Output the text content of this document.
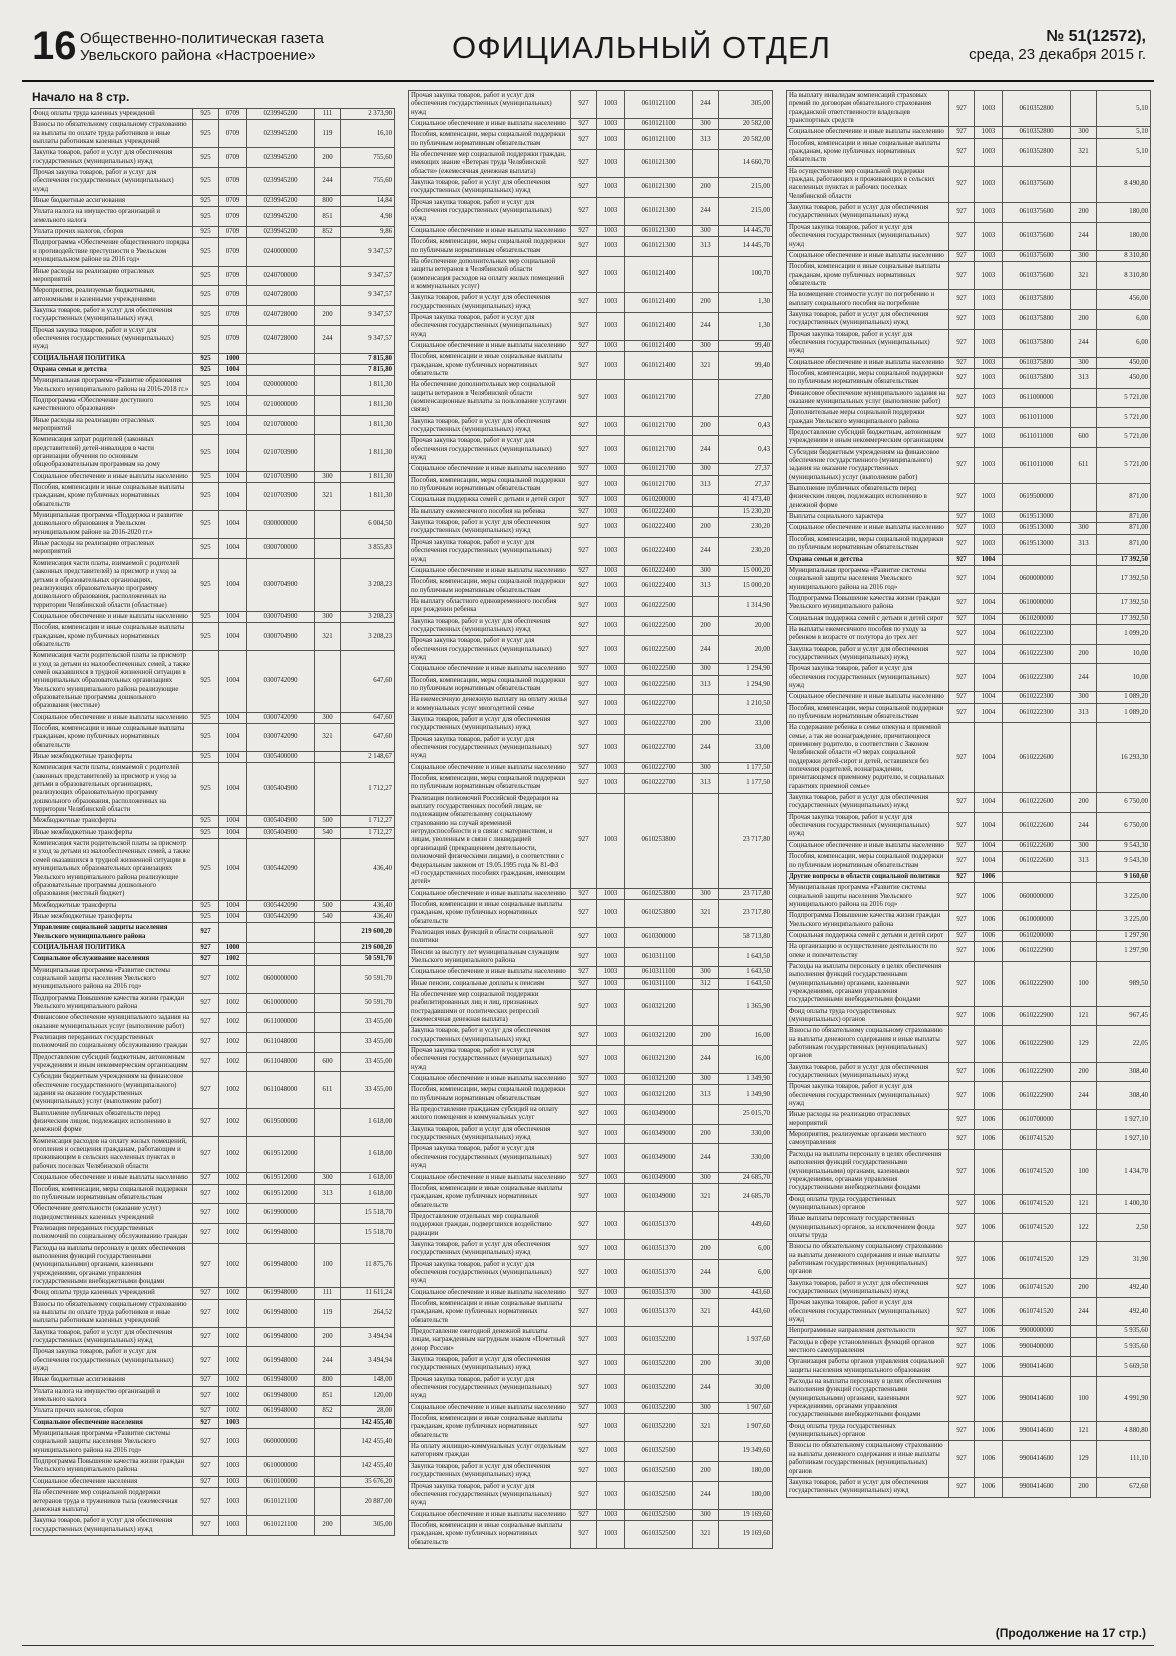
16 Общественно-политическая газета
Увельского района «Настроение»	ОФИЦИАЛЬНЫЙ ОТДЕЛ	№ 51(12572),
среда, 23 декабря 2015 г.
Начало на 8 стр.
Фонд оплаты труда казенных учреждений	925	0709	0239945200	111	2 373,90
Взносы по обязательному социальному страхованию на выплаты по оплате труда работников и иные выплаты работникам казенных учреждений	925	0709	0239945200	119	16,10
Закупка товаров, работ и услуг для обеспечения государственных (муниципальных) нужд	925	0709	0239945200	200	755,60
Прочая закупка товаров, работ и услуг для обеспечения государственных (муниципальных) нужд	925	0709	0239945200	244	755,60
Иные бюджетные ассигнования	925	0709	0239945200	800	14,84
Уплата налога на имущество организаций и земельного налога	925	0709	0239945200	851	4,98
Уплата прочих налогов, сборов	925	0709	0239945200	852	9,86
Подпрограмма «Обеспечение общественного порядка и противодействие преступности в Увельском муниципальном районе на 2016 год»	925	0709	0240000000		9 347,57
Иные расходы на реализацию отраслевых мероприятий	925	0709	0240700000		9 347,57
Мероприятия, реализуемые бюджетными, автономными и казенными учреждениями	925	0709	0240728000		9 347,57
Закупка товаров, работ и услуг для обеспечения государственных (муниципальных) нужд	925	0709	0240728000	200	9 347,57
Прочая закупка товаров, работ и услуг для обеспечения государственных (муниципальных) нужд	925	0709	0240728000	244	9 347,57
СОЦИАЛЬНАЯ ПОЛИТИКА	925	1000			7 815,80
Охрана семьи и детства	925	1004			7 815,80
Муниципальная программа «Развитие образования Увельского муниципального района на 2016-2018 гг.»	925	1004	0200000000		1 811,30
Подпрограмма «Обеспечение доступного качественного образования»	925	1004	0210000000		1 811,30
Иные расходы на реализацию отраслевых мероприятий	925	1004	0210700000		1 811,30
Компенсация затрат родителей (законных представителей) детей-инвалидов в части организации обучения по основным общеобразовательным программам на дому	925	1004	0210703900		1 811,30
Социальное обеспечение и иные выплаты населению	925	1004	0210703900	300	1 811,30
Пособия, компенсации и иные социальные выплаты гражданам, кроме публичных нормативных обязательств	925	1004	0210703900	321	1 811,30
Муниципальная программа «Поддержка и развитие дошкольного образования в Увельском муниципальном районе на 2016-2020 гг.»	925	1004	0300000000		6 004,50
Иные расходы на реализацию отраслевых мероприятий	925	1004	0300700000		3 855,83
Компенсация части платы, взимаемой с родителей (законных представителей) за присмотр и уход за детьми в образовательных организациях, реализующих образовательную программу дошкольного образования, расположенных на территории Челябинской области (областные)	925	1004	0300704900		3 208,23
Социальное обеспечение и иные выплаты населению	925	1004	0300704900	300	3 208,23
Пособия, компенсации и иные социальные выплаты гражданам, кроме публичных нормативных обязательств	925	1004	0300704900	321	3 208,23
Компенсация части родительской платы за присмотр и уход за детьми из малообеспеченных семей, а также семей оказавшихся в трудной жизненной ситуации в муниципальных образовательных организациях Увельского муниципального района реализующие образовательные программы дошкольного образования (местные)	925	1004	0300742090		647,60
Социальное обеспечение и иные выплаты населению	925	1004	0300742090	300	647,60
Пособия, компенсации и иные социальные выплаты гражданам, кроме публичных нормативных обязательств	925	1004	0300742090	321	647,60
Иные межбюджетные трансферты	925	1004	0305400000		2 148,67
Компенсация части платы, взимаемой с родителей (законных представителей) за присмотр и уход за детьми в образовательных организациях, реализующих образовательную программу дошкольного образования, расположенных на территории Челябинской области	925	1004	0305404900		1 712,27
Межбюджетные трансферты	925	1004	0305404900	500	1 712,27
Иные межбюджетные трансферты	925	1004	0305404900	540	1 712,27
Компенсация части родительской платы за присмотр и уход за детьми из малообеспеченных семей, а также семей оказавшихся в трудной жизненной ситуации в муниципальных образовательных организациях Увельского муниципального района реализующие образовательные программы дошкольного образования (местный бюджет)	925	1004	0305442090		436,40
Межбюджетные трансферты	925	1004	0305442090	500	436,40
Иные межбюджетные трансферты	925	1004	0305442090	540	436,40
Управление социальной защиты населения Увельского муниципального района	927				219 600,20
СОЦИАЛЬНАЯ ПОЛИТИКА	927	1000			219 600,20
Социальное обслуживание населения	927	1002			50 591,70
Муниципальная программа «Развитие системы социальной защиты населения Увельского муниципального района на 2016 год»	927	1002	0600000000		50 591,70
Подпрограмма Повышение качества жизни граждан Увельского муниципального района	927	1002	0610000000		50 591,70
Финансовое обеспечение муниципального задания на оказание муниципальных услуг (выполнение работ)	927	1002	0611000000		33 455,00
Реализация переданных государственных полномочий по социальному обслуживанию граждан	927	1002	0611048000		33 455,00
Предоставление субсидий бюджетным, автономным учреждениям и иным некоммерческим организациям	927	1002	0611048000	600	33 455,00
Субсидии бюджетным учреждениям на финансовое обеспечение государственного (муниципального) задания на оказание государственных (муниципальных) услуг (выполнение работ)	927	1002	0611048000	611	33 455,00
Выполнение публичных обязательств перед физическим лицом, подлежащих исполнению в денежной форме	927	1002	0619500000		1 618,00
Компенсация расходов на оплату жилых помещений, отопления и освещения гражданам, работающим и проживающим в сельских населенных пунктах и рабочих поселках Челябинской области	927	1002	0619512000		1 618,00
Социальное обеспечение и иные выплаты населению	927	1002	0619512000	300	1 618,00
Пособия, компенсации, меры социальной поддержки по публичным нормативным обязательствам	927	1002	0619512000	313	1 618,00
Обеспечение деятельности (оказание услуг) подведомственных казенных учреждений	927	1002	0619900000		15 518,70
Реализация переданных государственных полномочий по социальному обслуживанию граждан	927	1002	0619948000		15 518,70
Расходы на выплаты персоналу в целях обеспечения выполнения функций государственными (муниципальными) органами, казенными учреждениями, органами управления государственными внебюджетными фондами	927	1002	0619948000	100	11 875,76
Фонд оплаты труда казенных учреждений	927	1002	0619948000	111	11 611,24
Взносы по обязательному социальному страхованию на выплаты по оплате труда работников и иные выплаты работникам казенных учреждений	927	1002	0619948000	119	264,52
Закупка товаров, работ и услуг для обеспечения государственных (муниципальных) нужд	927	1002	0619948000	200	3 494,94
Прочая закупка товаров, работ и услуг для обеспечения государственных (муниципальных) нужд	927	1002	0619948000	244	3 494,94
Иные бюджетные ассигнования	927	1002	0619948000	800	148,00
Уплата налога на имущество организаций и земельного налога	927	1002	0619948000	851	120,00
Уплата прочих налогов, сборов	927	1002	0619948000	852	28,00
Социальное обеспечение населения	927	1003			142 455,40
Муниципальная программа «Развитие системы социальной защиты населения Увельского муниципального района на 2016 год»	927	1003	0600000000		142 455,40
Подпрограмма Повышение качества жизни граждан Увельского муниципального района	927	1003	0610000000		142 455,40
Социальное обеспечение населения	927	1003	0610100000		35 676,20
На обеспечение мер социальной поддержки ветеранов труда и тружеников тыла (ежемесячная денежная выплата)	927	1003	0610121100		20 887,00
Закупка товаров, работ и услуг для обеспечения государственных (муниципальных) нужд	927	1003	0610121100	200	305,00
Прочая закупка товаров, работ и услуг для обеспечения государственных (муниципальных) нужд	927	1003	0610121100	244	305,00
Социальное обеспечение и иные выплаты населению	927	1003	0610121100	300	20 582,00
Пособия, компенсации, меры социальной поддержки по публичным нормативным обязательствам	927	1003	0610121100	313	20 582,00
На обеспечение мер социальной поддержки граждан, имеющих звание «Ветеран труда Челябинской области» (ежемесячная денежная выплата)	927	1003	0610121300		14 660,70
Закупка товаров, работ и услуг для обеспечения государственных (муниципальных) нужд	927	1003	0610121300	200	215,00
Прочая закупка товаров, работ и услуг для обеспечения государственных (муниципальных) нужд	927	1003	0610121300	244	215,00
Социальное обеспечение и иные выплаты населению	927	1003	0610121300	300	14 445,70
Пособия, компенсации, меры социальной поддержки по публичным нормативным обязательствам	927	1003	0610121300	313	14 445,70
На обеспечение дополнительных мер социальной защиты ветеранов в Челябинской области (компенсация расходов на оплату жилых помещений и коммунальных услуг)	927	1003	0610121400		100,70
Закупка товаров, работ и услуг для обеспечения государственных (муниципальных) нужд	927	1003	0610121400	200	1,30
Прочая закупка товаров, работ и услуг для обеспечения государственных (муниципальных) нужд	927	1003	0610121400	244	1,30
Социальное обеспечение и иные выплаты населению	927	1003	0610121400	300	99,40
Пособия, компенсации и иные социальные выплаты гражданам, кроме публичных нормативных обязательств	927	1003	0610121400	321	99,40
На обеспечение дополнительных мер социальной защиты ветеранов в Челябинской области (компенсационные выплаты за пользование услугами связи)	927	1003	0610121700		27,80
Закупка товаров, работ и услуг для обеспечения государственных (муниципальных) нужд	927	1003	0610121700	200	0,43
Прочая закупка товаров, работ и услуг для обеспечения государственных (муниципальных) нужд	927	1003	0610121700	244	0,43
Социальное обеспечение и иные выплаты населению	927	1003	0610121700	300	27,37
Пособия, компенсации, меры социальной поддержки по публичным нормативным обязательствам	927	1003	0610121700	313	27,37
Социальная поддержка семей с детьми и детей сирот	927	1003	0610200000		41 473,40
На выплату ежемесячного пособия на ребенка	927	1003	0610222400		15 230,20
Закупка товаров, работ и услуг для обеспечения государственных (муниципальных) нужд	927	1003	0610222400	200	230,20
Прочая закупка товаров, работ и услуг для обеспечения государственных (муниципальных) нужд	927	1003	0610222400	244	230,20
Социальное обеспечение и иные выплаты населению	927	1003	0610222400	300	15 000,20
Пособия, компенсации, меры социальной поддержки по публичным нормативным обязательствам	927	1003	0610222400	313	15 000,20
На выплату областного единовременного пособия при рождении ребенка	927	1003	0610222500		1 314,90
Закупка товаров, работ и услуг для обеспечения государственных (муниципальных) нужд	927	1003	0610222500	200	20,00
Прочая закупка товаров, работ и услуг для обеспечения государственных (муниципальных) нужд	927	1003	0610222500	244	20,00
Социальное обеспечение и иные выплаты населению	927	1003	0610222500	300	1 294,90
Пособия, компенсации, меры социальной поддержки по публичным нормативным обязательствам	927	1003	0610222500	313	1 294,90
На ежемесячную денежную выплату на оплату жилья и коммунальных услуг многодетной семье	927	1003	0610222700		1 210,50
Закупка товаров, работ и услуг для обеспечения государственных (муниципальных) нужд	927	1003	0610222700	200	33,00
Прочая закупка товаров, работ и услуг для обеспечения государственных (муниципальных) нужд	927	1003	0610222700	244	33,00
Социальное обеспечение и иные выплаты населению	927	1003	0610222700	300	1 177,50
Пособия, компенсации, меры социальной поддержки по публичным нормативным обязательствам	927	1003	0610222700	313	1 177,50
Реализация полномочий Российской Федерации на выплату государственных пособий лицам, не подлежащим обязательному социальному страхованию на случай временной нетрудоспособности и в связи с материнством, и лицам, уволенным в связи с ликвидацией организаций (прекращением деятельности, полномочий физическими лицами), в соответствии с Федеральным законом от 19.05.1995 года № 81-ФЗ «О государственных пособиях гражданам, имеющим детей»	927	1003	0610253800		23 717,80
Социальное обеспечение и иные выплаты населению	927	1003	0610253800	300	23 717,80
Пособия, компенсации и иные социальные выплаты гражданам, кроме публичных нормативных обязательств	927	1003	0610253800	321	23 717,80
Реализация иных функций в области социальной политики	927	1003	0610300000		58 713,80
Пенсии за выслугу лет муниципальным служащим Увельского муниципального района	927	1003	0610311100		1 643,50
Социальное обеспечение и иные выплаты населению	927	1003	0610311100	300	1 643,50
Иные пенсии, социальные доплаты к пенсиям	927	1003	0610311100	312	1 643,50
На обеспечение мер социальной поддержки реабилитированных лиц и лиц, признанных пострадавшими от политических репрессий (ежемесячная денежная выплата)	927	1003	0610321200		1 365,90
Закупка товаров, работ и услуг для обеспечения государственных (муниципальных) нужд	927	1003	0610321200	200	16,00
Прочая закупка товаров, работ и услуг для обеспечения государственных (муниципальных) нужд	927	1003	0610321200	244	16,00
Социальное обеспечение и иные выплаты населению	927	1003	0610321200	300	1 349,90
Пособия, компенсации, меры социальной поддержки по публичным нормативным обязательствам	927	1003	0610321200	313	1 349,90
На предоставление гражданам субсидий на оплату жилого помещения и коммунальных услуг	927	1003	0610349000		25 015,70
Закупка товаров, работ и услуг для обеспечения государственных (муниципальных) нужд	927	1003	0610349000	200	330,00
Прочая закупка товаров, работ и услуг для обеспечения государственных (муниципальных) нужд	927	1003	0610349000	244	330,00
Социальное обеспечение и иные выплаты населению	927	1003	0610349000	300	24 685,70
Пособия, компенсации и иные социальные выплаты гражданам, кроме публичных нормативных обязательств	927	1003	0610349000	321	24 685,70
Предоставление отдельных мер социальной поддержки граждан, подвергшихся воздействию радиации	927	1003	0610351370		449,60
Закупка товаров, работ и услуг для обеспечения государственных (муниципальных) нужд	927	1003	0610351370	200	6,00
Прочая закупка товаров, работ и услуг для обеспечения государственных (муниципальных) нужд	927	1003	0610351370	244	6,00
Социальное обеспечение и иные выплаты населению	927	1003	0610351370	300	443,60
Пособия, компенсации и иные социальные выплаты гражданам, кроме публичных нормативных обязательств	927	1003	0610351370	321	443,60
Предоставление ежегодной денежной выплаты лицам, награжденным нагрудным знаком «Почетный донор России»	927	1003	0610352200		1 937,60
Закупка товаров, работ и услуг для обеспечения государственных (муниципальных) нужд	927	1003	0610352200	200	30,00
Прочая закупка товаров, работ и услуг для обеспечения государственных (муниципальных) нужд	927	1003	0610352200	244	30,00
Социальное обеспечение и иные выплаты населению	927	1003	0610352200	300	1 907,60
Пособия, компенсации и иные социальные выплаты гражданам, кроме публичных нормативных обязательств	927	1003	0610352200	321	1 907,60
На оплату жилищно-коммунальных услуг отдельным категориям граждан	927	1003	0610352500		19 349,60
Закупка товаров, работ и услуг для обеспечения государственных (муниципальных) нужд	927	1003	0610352500	200	180,00
Прочая закупка товаров, работ и услуг для обеспечения государственных (муниципальных) нужд	927	1003	0610352500	244	180,00
Социальное обеспечение и иные выплаты населению	927	1003	0610352500	300	19 169,60
Пособия, компенсации и иные социальные выплаты гражданам, кроме публичных нормативных обязательств	927	1003	0610352500	321	19 169,60
На выплату инвалидам компенсаций страховых премий по договорам обязательного страхования гражданской ответственности владельцев транспортных средств	927	1003	0610352800		5,10
Социальное обеспечение и иные выплаты населению	927	1003	0610352800	300	5,10
Пособия, компенсации и иные социальные выплаты гражданам, кроме публичных нормативных обязательств	927	1003	0610352800	321	5,10
На осуществление мер социальной поддержки граждан, работающих и проживающих в сельских населенных пунктах и рабочих поселках Челябинской области	927	1003	0610375600		8 490,80
Закупка товаров, работ и услуг для обеспечения государственных (муниципальных) нужд	927	1003	0610375600	200	180,00
Прочая закупка товаров, работ и услуг для обеспечения государственных (муниципальных) нужд	927	1003	0610375600	244	180,00
Социальное обеспечение и иные выплаты населению	927	1003	0610375600	300	8 310,80
Пособия, компенсации и иные социальные выплаты гражданам, кроме публичных нормативных обязательств	927	1003	0610375600	321	8 310,80
На возмещение стоимости услуг по погребению и выплату социального пособия на погребение	927	1003	0610375800		456,00
Закупка товаров, работ и услуг для обеспечения государственных (муниципальных) нужд	927	1003	0610375800	200	6,00
Прочая закупка товаров, работ и услуг для обеспечения государственных (муниципальных) нужд	927	1003	0610375800	244	6,00
Социальное обеспечение и иные выплаты населению	927	1003	0610375800	300	450,00
Пособия, компенсации, меры социальной поддержки по публичным нормативным обязательствам	927	1003	0610375800	313	450,00
Финансовое обеспечение муниципального задания на оказание муниципальных услуг (выполнение работ)	927	1003	0611000000		5 721,00
Дополнительные меры социальной поддержки граждан Увельского муниципального района	927	1003	0611011000		5 721,00
Предоставление субсидий бюджетным, автономным учреждениям и иным некоммерческим организациям	927	1003	0611011000	600	5 721,00
Субсидии бюджетным учреждениям на финансовое обеспечение государственного (муниципального) задания на оказание государственных (муниципальных) услуг (выполнение работ)	927	1003	0611011000	611	5 721,00
Выполнение публичных обязательств перед физическим лицом, подлежащих исполнению в денежной форме	927	1003	0619500000		871,00
Выплаты социального характера	927	1003	0619513000		871,00
Социальное обеспечение и иные выплаты населению	927	1003	0619513000	300	871,00
Пособия, компенсации, меры социальной поддержки по публичным нормативным обязательствам	927	1003	0619513000	313	871,00
Охрана семьи и детства	927	1004			17 392,50
Муниципальная программа «Развитие системы социальной защиты населения Увельского муниципального района на 2016 год»	927	1004	0600000000		17 392,50
Подпрограмма Повышение качества жизни граждан Увельского муниципального района	927	1004	0610000000		17 392,50
Социальная поддержка семей с детьми и детей сирот	927	1004	0610200000		17 392,50
На выплаты ежемесячного пособия по уходу за ребенком в возрасте от полутора до трех лет	927	1004	0610222300		1 099,20
Закупка товаров, работ и услуг для обеспечения государственных (муниципальных) нужд	927	1004	0610222300	200	10,00
Прочая закупка товаров, работ и услуг для обеспечения государственных (муниципальных) нужд	927	1004	0610222300	244	10,00
Социальное обеспечение и иные выплаты населению	927	1004	0610222300	300	1 089,20
Пособия, компенсации, меры социальной поддержки по публичным нормативным обязательствам	927	1004	0610222300	313	1 089,20
На содержание ребенка в семье опекуна и приемной семье, а так же вознаграждение, причитающееся приемному родителю, в соответствии с Законом Челябинской области «О мерах социальной поддержки детей-сирот и детей, оставшихся без попечения родителей, вознаграждении, причитающемся приемному родителю, и социальных гарантиях приемной семье»	927	1004	0610222600		16 293,30
Закупка товаров, работ и услуг для обеспечения государственных (муниципальных) нужд	927	1004	0610222600	200	6 750,00
Прочая закупка товаров, работ и услуг для обеспечения государственных (муниципальных) нужд	927	1004	0610222600	244	6 750,00
Социальное обеспечение и иные выплаты населению	927	1004	0610222600	300	9 543,30
Пособия, компенсации, меры социальной поддержки по публичным нормативным обязательствам	927	1004	0610222600	313	9 543,30
Другие вопросы в области социальной политики	927	1006			9 160,60
Муниципальная программа «Развитие системы социальной защиты населения Увельского муниципального района на 2016 год»	927	1006	0600000000		3 225,00
Подпрограмма Повышение качества жизни граждан Увельского муниципального района	927	1006	0610000000		3 225,00
Социальная поддержка семей с детьми и детей сирот	927	1006	0610200000		1 297,90
На организацию и осуществление деятельности по опеке и попечительству	927	1006	0610222900		1 297,90
Расходы на выплаты персоналу в целях обеспечения выполнения функций государственными (муниципальными) органами, казенными учреждениями, органами управления государственными внебюджетными фондами	927	1006	0610222900	100	989,50
Фонд оплаты труда государственных (муниципальных) органов	927	1006	0610222900	121	967,45
Взносы по обязательному социальному страхованию на выплаты денежного содержания и иные выплаты работникам государственных (муниципальных) органов	927	1006	0610222900	129	22,05
Закупка товаров, работ и услуг для обеспечения государственных (муниципальных) нужд	927	1006	0610222900	200	308,40
Прочая закупка товаров, работ и услуг для обеспечения государственных (муниципальных) нужд	927	1006	0610222900	244	308,40
Иные расходы на реализацию отраслевых мероприятий	927	1006	0610700000		1 927,10
Мероприятия, реализуемые органами местного самоуправления	927	1006	0610741520		1 927,10
Расходы на выплаты персоналу в целях обеспечения выполнения функций государственными (муниципальными) органами, казенными учреждениями, органами управления государственными внебюджетными фондами	927	1006	0610741520	100	1 434,70
Фонд оплаты труда государственных (муниципальных) органов	927	1006	0610741520	121	1 400,30
Иные выплаты персоналу государственных (муниципальных) органов, за исключением фонда оплаты труда	927	1006	0610741520	122	2,50
Взносы по обязательному социальному страхованию на выплаты денежного содержания и иные выплаты работникам государственных (муниципальных) органов	927	1006	0610741520	129	31,90
Закупка товаров, работ и услуг для обеспечения государственных (муниципальных) нужд	927	1006	0610741520	200	492,40
Прочая закупка товаров, работ и услуг для обеспечения государственных (муниципальных) нужд	927	1006	0610741520	244	492,40
Непрограммные направления деятельности	927	1006	9900000000		5 935,60
Расходы в сфере установленных функций органов местного самоуправления	927	1006	9900400000		5 935,60
Организация работы органов управления социальной защиты населения муниципального образования	927	1006	9900414600		5 669,50
Расходы на выплаты персоналу в целях обеспечения выполнения функций государственными (муниципальными) органами, казенными учреждениями, органами управления государственными внебюджетными фондами	927	1006	9900414600	100	4 991,90
Фонд оплаты труда государственных (муниципальных) органов	927	1006	9900414600	121	4 880,80
Взносы по обязательному социальному страхованию на выплаты денежного содержания и иные выплаты работникам государственных (муниципальных) органов	927	1006	9900414600	129	111,10
Закупка товаров, работ и услуг для обеспечения государственных (муниципальных) нужд	927	1006	9900414600	200	672,60
(Продолжение на 17 стр.)
